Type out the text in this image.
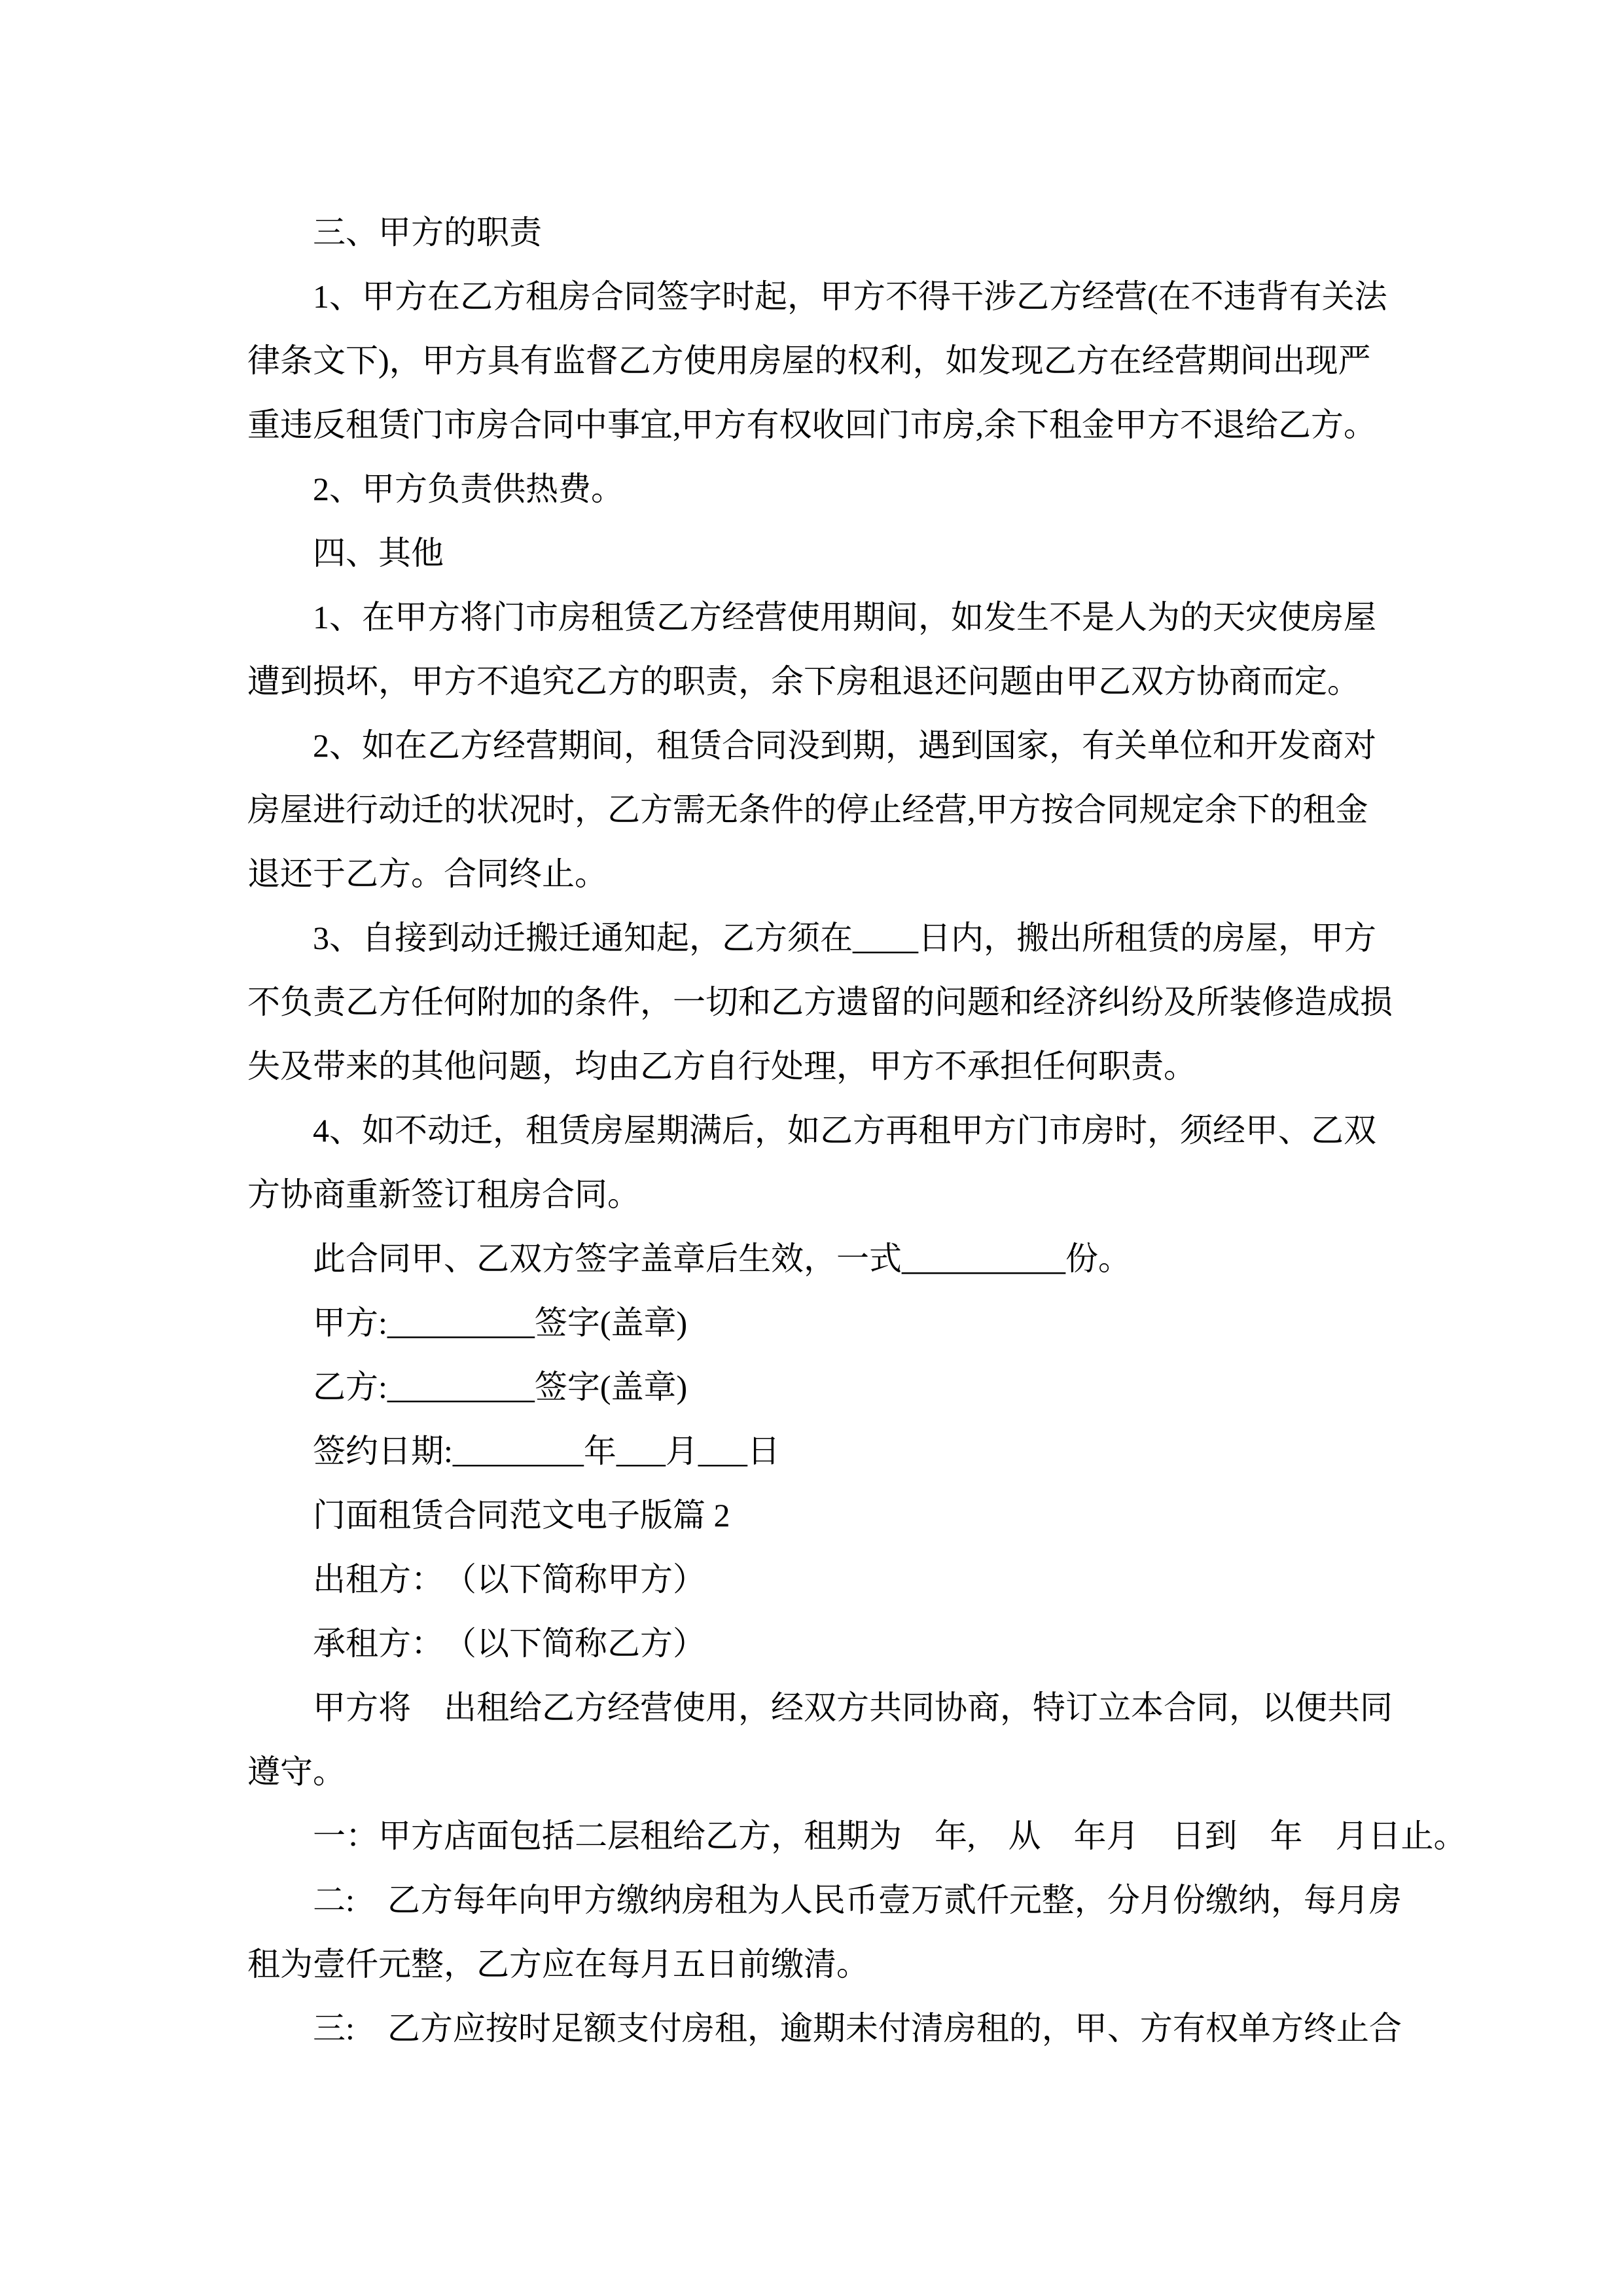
三、甲方的职责
1、甲方在乙方租房合同签字时起，甲方不得干涉乙方经营(在不违背有关法
律条文下)，甲方具有监督乙方使用房屋的权利，如发现乙方在经营期间出现严
重违反租赁门市房合同中事宜,甲方有权收回门市房,余下租金甲方不退给乙方。
2、甲方负责供热费。
四、其他
1、在甲方将门市房租赁乙方经营使用期间，如发生不是人为的天灾使房屋
遭到损坏，甲方不追究乙方的职责，余下房租退还问题由甲乙双方协商而定。
2、如在乙方经营期间，租赁合同没到期，遇到国家，有关单位和开发商对
房屋进行动迁的状况时，乙方需无条件的停止经营,甲方按合同规定余下的租金
退还于乙方。合同终止。
3、自接到动迁搬迁通知起，乙方须在____日内，搬出所租赁的房屋，甲方
不负责乙方任何附加的条件，一切和乙方遗留的问题和经济纠纷及所装修造成损
失及带来的其他问题，均由乙方自行处理，甲方不承担任何职责。
4、如不动迁，租赁房屋期满后，如乙方再租甲方门市房时，须经甲、乙双
方协商重新签订租房合同。
此合同甲、乙双方签字盖章后生效，一式__________份。
甲方:_________签字(盖章)
乙方:_________签字(盖章)
签约日期:________年___月___日
门面租赁合同范文电子版篇 2
出租方：　（以下简称甲方）
承租方：　（以下简称乙方）
甲方将　出租给乙方经营使用，经双方共同协商，特订立本合同，以便共同
遵守。
一：甲方店面包括二层租给乙方，租期为　年,　从　年月　日到　年　月日止。
二:　乙方每年向甲方缴纳房租为人民币壹万贰仟元整，分月份缴纳，每月房
租为壹仟元整，乙方应在每月五日前缴清。
三:　乙方应按时足额支付房租，逾期未付清房租的，甲、方有权单方终止合
